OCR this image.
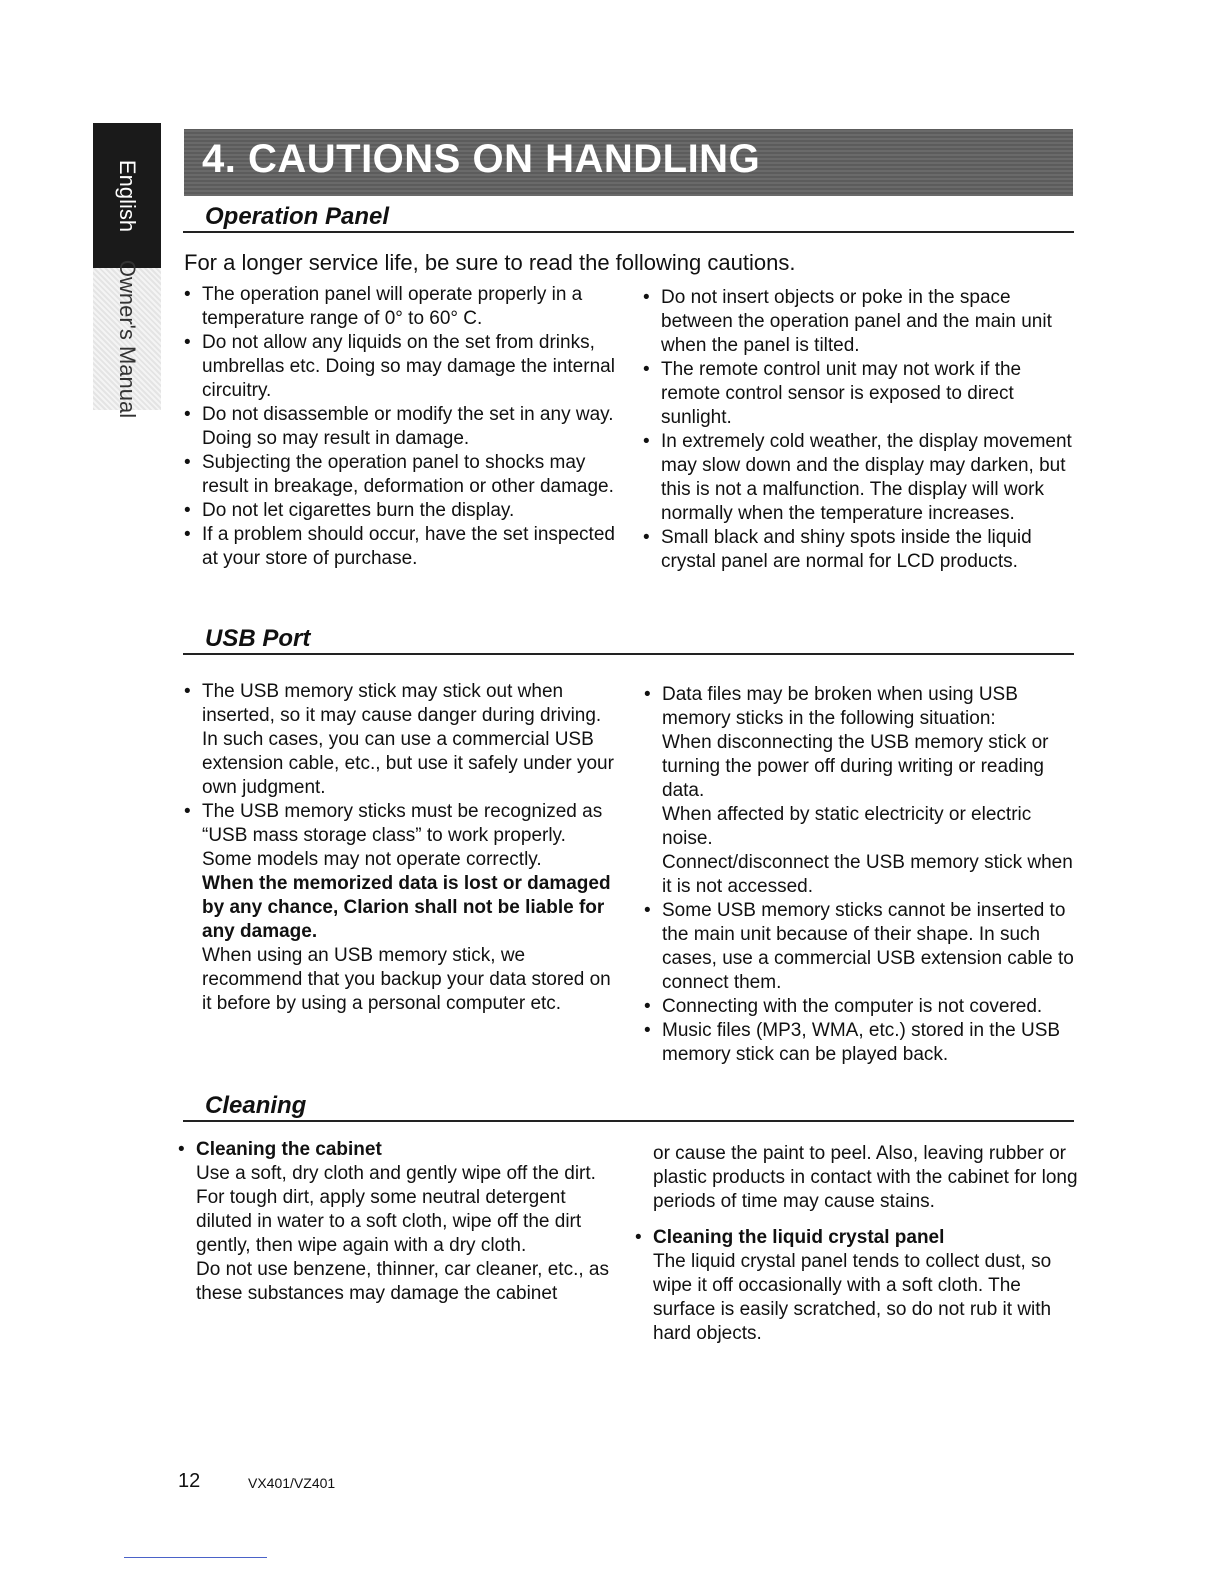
English
Owner's Manual
4. CAUTIONS ON HANDLING
Operation Panel
For a longer service life, be sure to read the following cautions.
• The operation panel will operate properly in a temperature range of 0° to 60° C.
• Do not allow any liquids on the set from drinks, umbrellas etc. Doing so may damage the internal circuitry.
• Do not disassemble or modify the set in any way. Doing so may result in damage.
• Subjecting the operation panel to shocks may result in breakage, deformation or other damage.
• Do not let cigarettes burn the display.
• If a problem should occur, have the set inspected at your store of purchase.
• Do not insert objects or poke in the space between the operation panel and the main unit when the panel is tilted.
• The remote control unit may not work if the remote control sensor is exposed to direct sunlight.
• In extremely cold weather, the display movement may slow down and the display may darken, but this is not a malfunction. The display will work normally when the temperature increases.
• Small black and shiny spots inside the liquid crystal panel are normal for LCD products.
USB Port
• The USB memory stick may stick out when inserted, so it may cause danger during driving. In such cases, you can use a commercial USB extension cable, etc., but use it safely under your own judgment.

• The USB memory sticks must be recognized as “USB mass storage class” to work properly. Some models may not operate correctly.

When the memorized data is lost or damaged by any chance, Clarion shall not be liable for any damage.

When using an USB memory stick, we recommend that you backup your data stored on it before by using a personal computer etc.

• Data files may be broken when using USB memory sticks in the following situation:

When disconnecting the USB memory stick or turning the power off during writing or reading data.

When affected by static electricity or electric noise.

Connect/disconnect the USB memory stick when it is not accessed.

• Some USB memory sticks cannot be inserted to the main unit because of their shape. In such cases, use a commercial USB extension cable to connect them.
• Connecting with the computer is not covered.
• Music files (MP3, WMA, etc.) stored in the USB memory stick can be played back.
Cleaning

• Cleaning the cabinet

Use a soft, dry cloth and gently wipe off the dirt. For tough dirt, apply some neutral detergent diluted in water to a soft cloth, wipe off the dirt gently, then wipe again with a dry cloth.

Do not use benzene, thinner, car cleaner, etc., as these substances may damage the cabinet

or cause the paint to peel. Also, leaving rubber or plastic products in contact with the cabinet for long periods of time may cause stains.

• Cleaning the liquid crystal panel

The liquid crystal panel tends to collect dust, so wipe it off occasionally with a soft cloth. The surface is easily scratched, so do not rub it with hard objects.

12	VX401/VZ401
